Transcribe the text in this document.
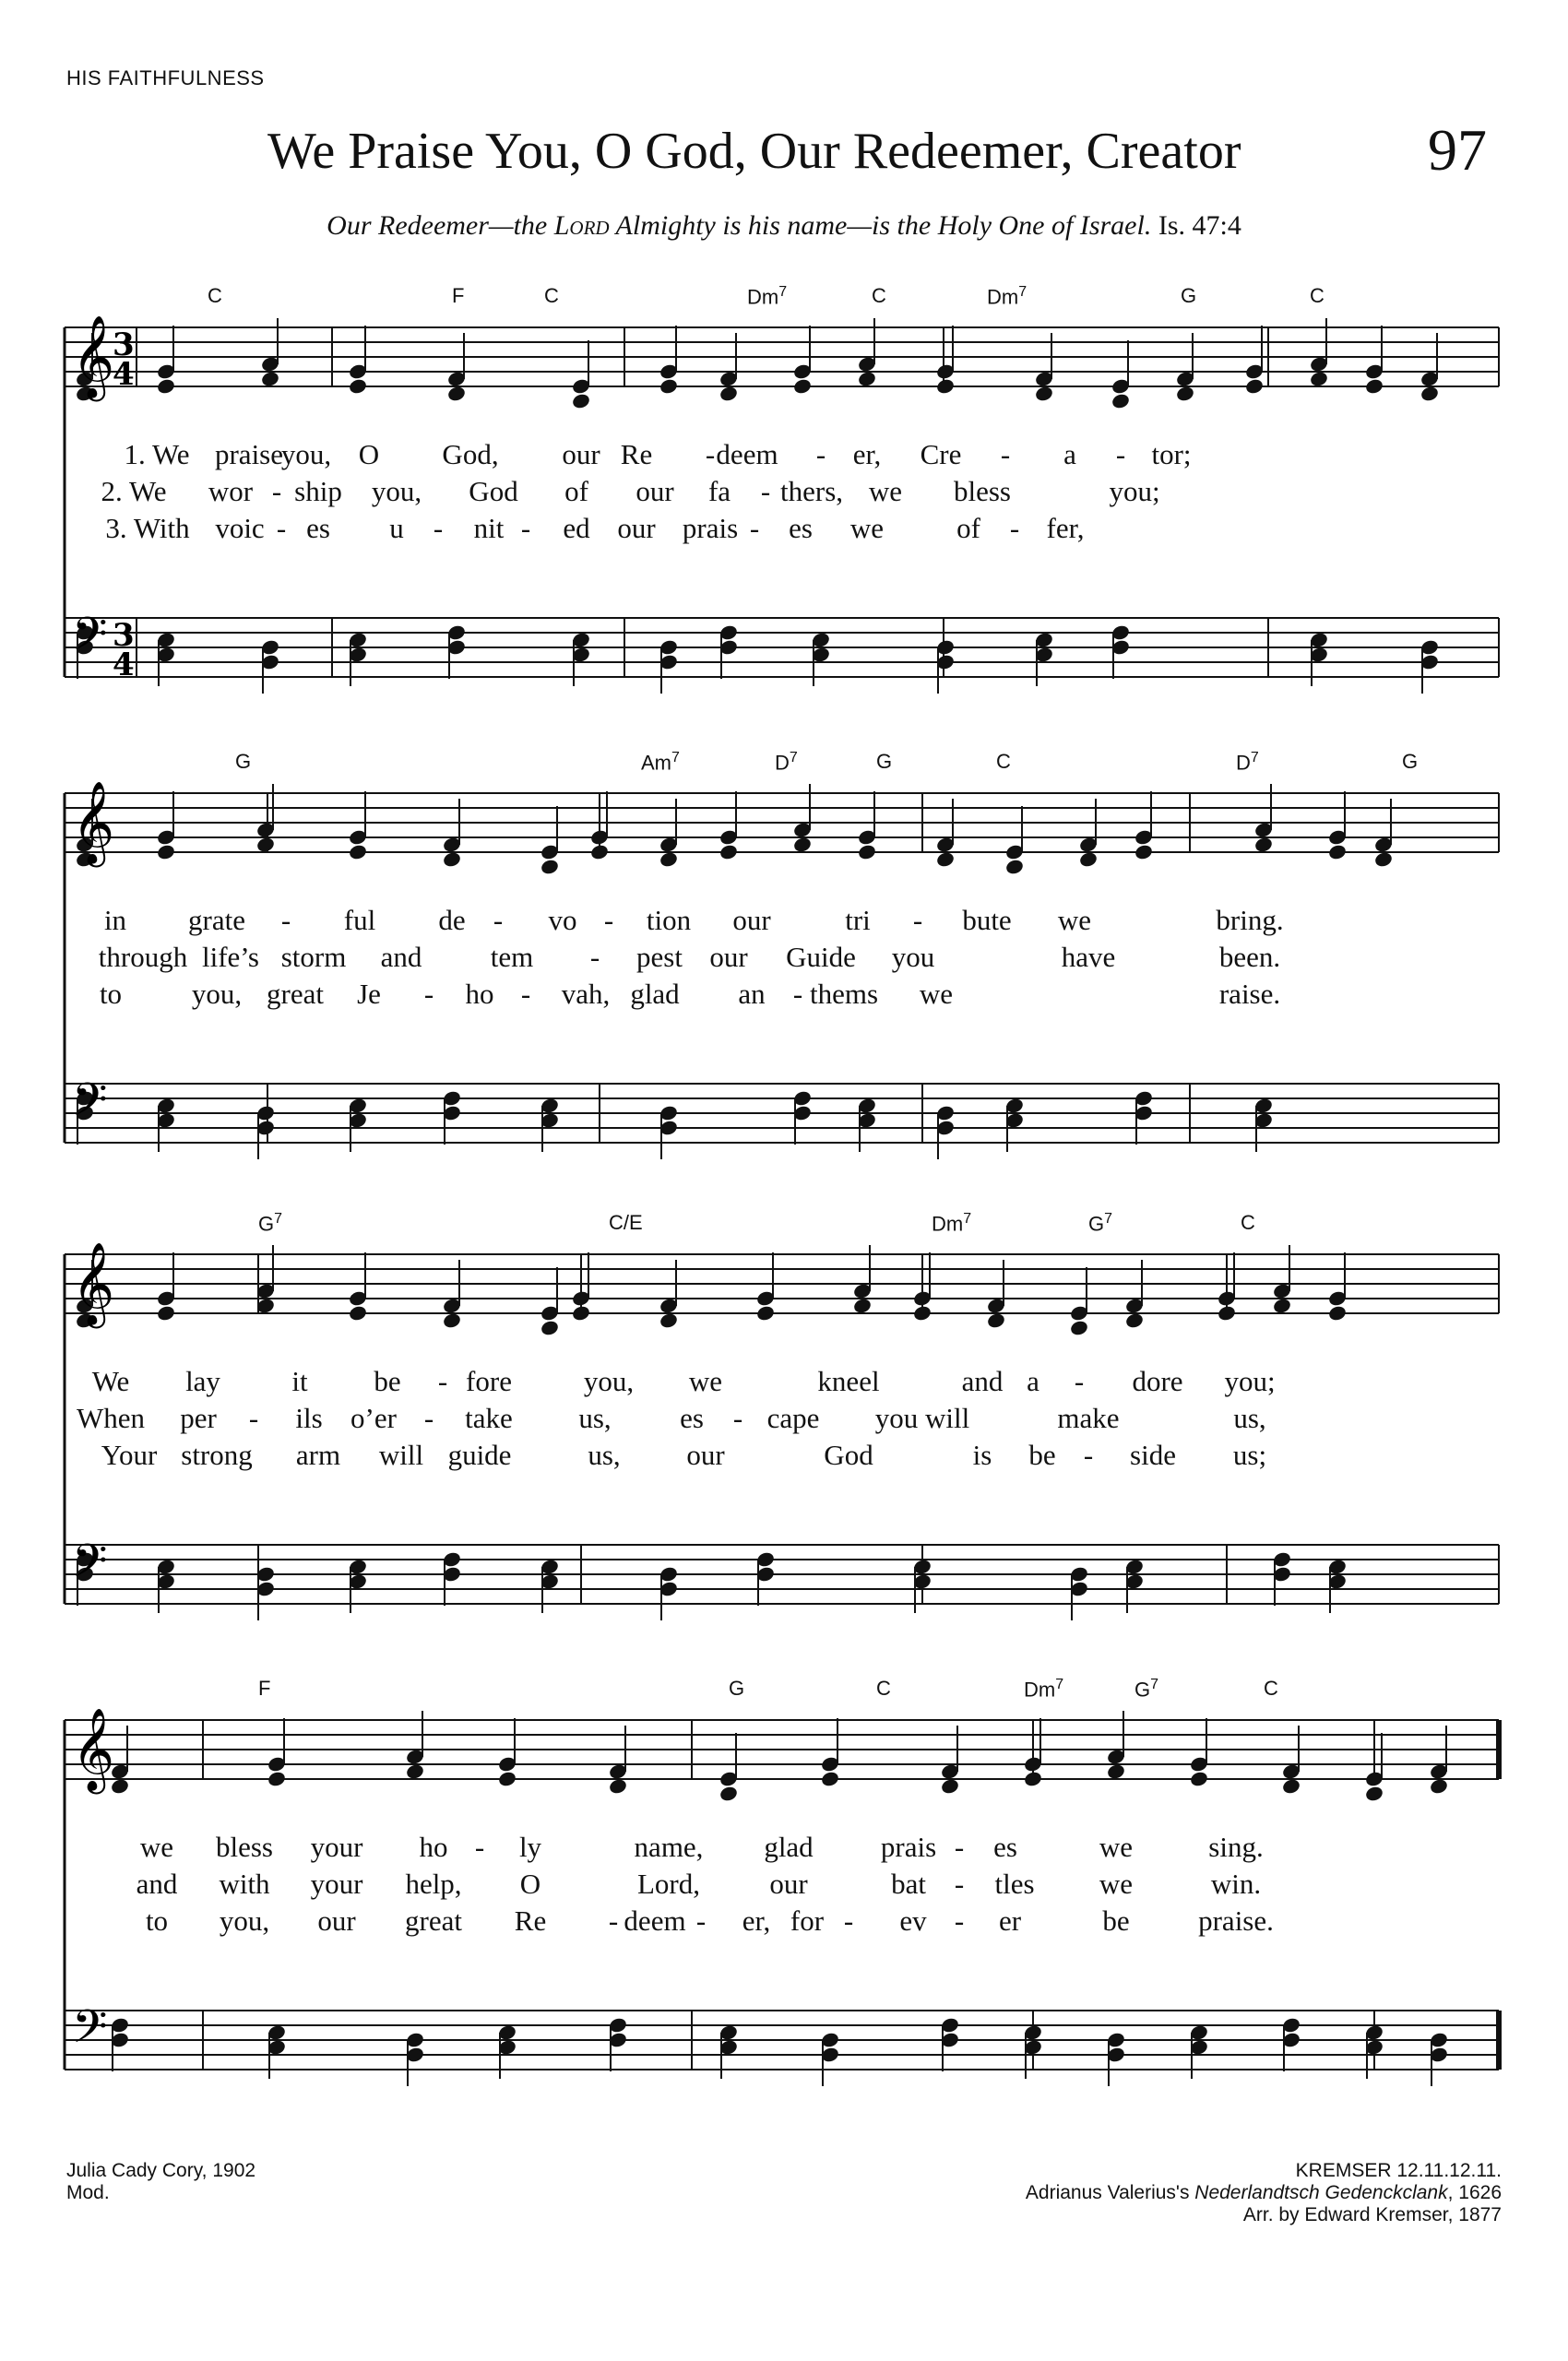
HIS FAITHFULNESS
We Praise You, O God, Our Redeemer, Creator	97
Our Redeemer—the Lord Almighty is his name—is the Holy One of Israel. Is. 47:4
𝄞
𝄢
3
4
3
4
C	F	C	Dm$^7$	C	Dm$^7$	G	C
1. We praise
you, O God, our Re - deem - er, Cre - a - tor;
2. We wor - ship you, God of our fa - thers, we bless	you;
3. With voic - es u - nit - ed our prais - es we	of - fer,
𝄞
𝄢
G	Am$^7$	$D^7$	G	C	$D^7$	G
in grate - ful de - vo - tion our	tri - bute we	bring.
through life’s storm and tem - pest our Guide you	have	been.
to you, great Je - ho - vah, glad an - thems we	raise.
𝄞
𝄢
$G^7$	C/E	Dm$^7$	$G^7$	C
We lay it be - fore	you, we	kneel	and a - dore you;
When per - ils o’er - take us, es - cape you will	make	us,
Your strong arm will guide	us, our	God	is be - side us;
𝄞
𝄢
F	G	C	Dm$^7$	$G^7$	C
we bless your ho - ly	name, glad prais - es	we	sing.
and with your help, O	Lord, our	bat - tles we	win.
to you, our great Re - deem - er, for - ev - er	be praise.
Julia Cady Cory, 1902
Mod.
KREMSER 12.11.12.11.
Adrianus Valerius's Nederlandtsch Gedenckclank, 1626
Arr. by Edward Kremser, 1877
